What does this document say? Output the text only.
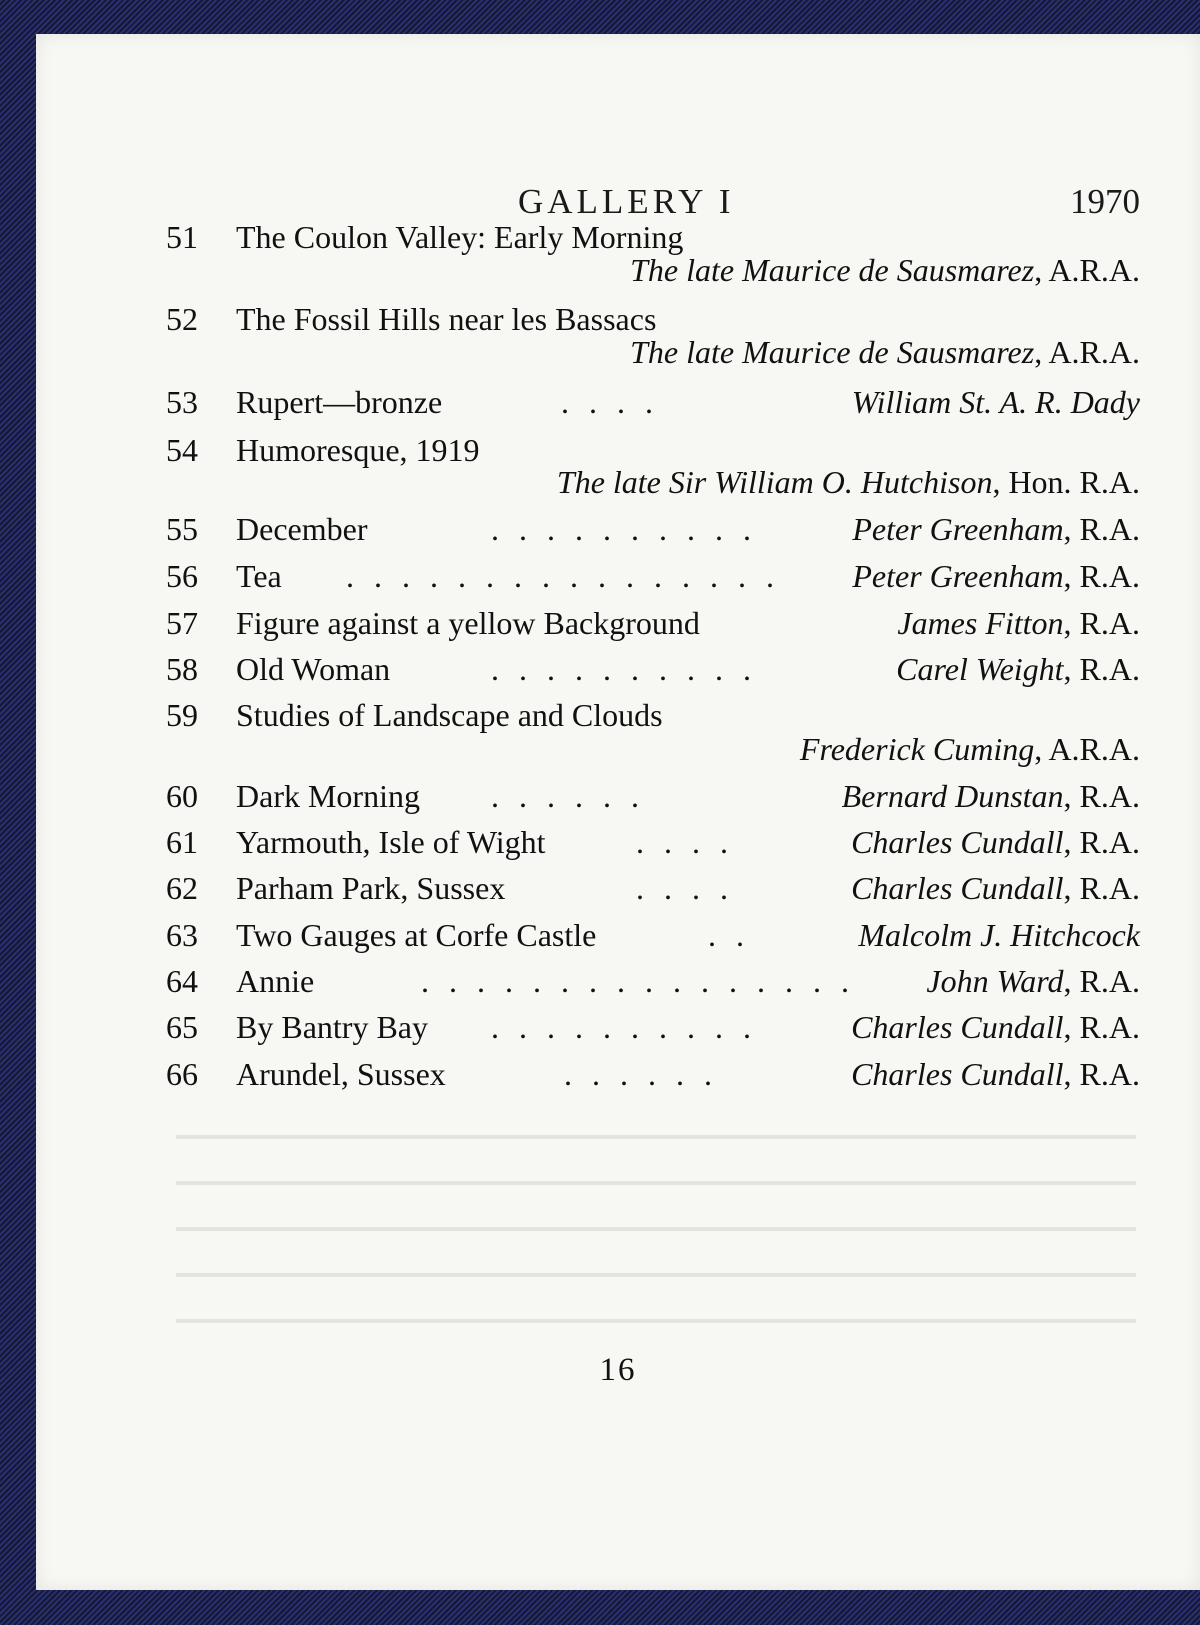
GALLERY I	1970
51	The Coulon Valley: Early Morning
The late Maurice de Sausmarez, A.R.A.
52	The Fossil Hills near les Bassacs
The late Maurice de Sausmarez, A.R.A.
53	Rupert—bronze	. . . .	William St. A. R. Dady
54	Humoresque, 1919
The late Sir William O. Hutchison, Hon. R.A.
55	December	. . . . . . . . . .	Peter Greenham, R.A.
56	Tea . . . . . . . . . . . . . . . . Peter Greenham, R.A.
57	Figure against a yellow Background	James Fitton, R.A.
58	Old Woman	. . . . . . . . . .	Carel Weight, R.A.
59	Studies of Landscape and Clouds
Frederick Cuming, A.R.A.
60	Dark Morning . . . . . .	Bernard Dunstan, R.A.
61	Yarmouth, Isle of Wight	. . . .	Charles Cundall, R.A.
62	Parham Park, Sussex	. . . .	Charles Cundall, R.A.
63	Two Gauges at Corfe Castle	. .	Malcolm J. Hitchcock
64	Annie	. . . . . . . . . . . . . . . . John Ward, R.A.
65	By Bantry Bay . . . . . . . . . .	Charles Cundall, R.A.
66	Arundel, Sussex	. . . . . .	Charles Cundall, R.A.
16
